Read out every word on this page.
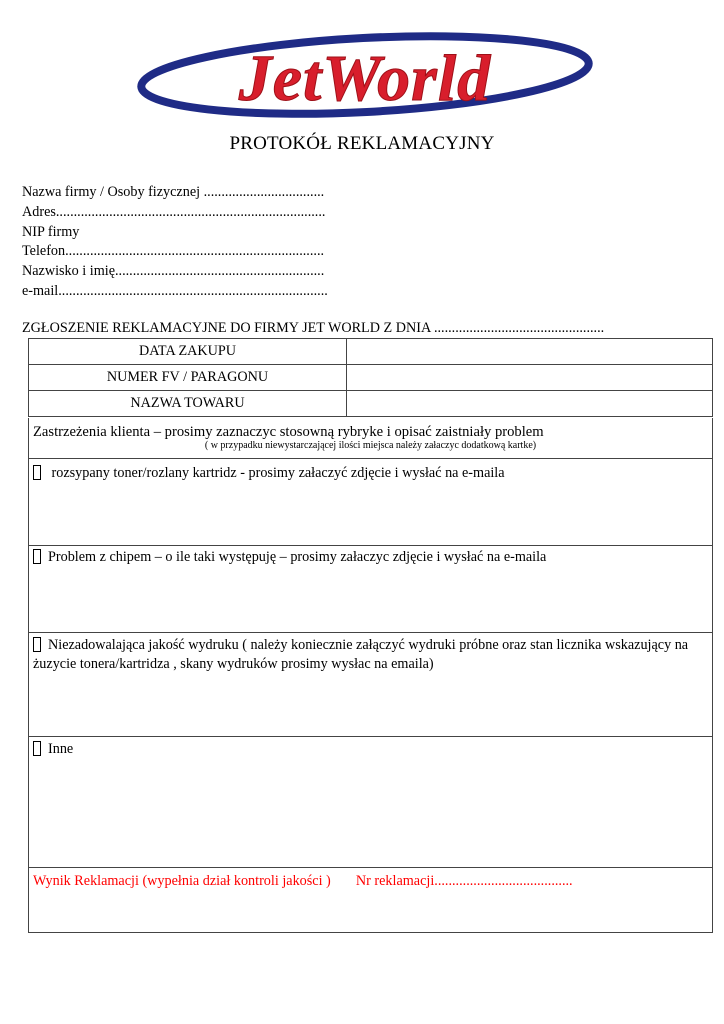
JetWorld
PROTOKÓŁ REKLAMACYJNY
Nazwa firmy / Osoby fizycznej ..................................
Adres............................................................................
NIP firmy
Telefon.........................................................................
Nazwisko i imię...........................................................
e-mail............................................................................
ZGŁOSZENIE REKLAMACYJNE DO FIRMY JET WORLD Z DNIA ................................................
DATA ZAKUPU	
NUMER FV / PARAGONU	
NAZWA TOWARU	
Zastrzeżenia klienta – prosimy zaznaczyc stosowną rybryke i opisać zaistniały problem
( w przypadku niewystarczającej ilości miejsca należy załaczyc dodatkową kartke)
rozsypany toner/rozlany kartridz - prosimy załaczyć zdjęcie i wysłać na e-maila
Problem z chipem – o ile taki występuję – prosimy załaczyc zdjęcie i wysłać na e-maila
Niezadowalająca jakość wydruku ( należy koniecznie załączyć wydruki próbne oraz stan licznika wskazujący na żuzycie tonera/kartridza , skany wydruków prosimy wysłac na emaila)
Inne
Wynik Reklamacji (wypełnia dział kontroli jakości ) Nr reklamacji.......................................
